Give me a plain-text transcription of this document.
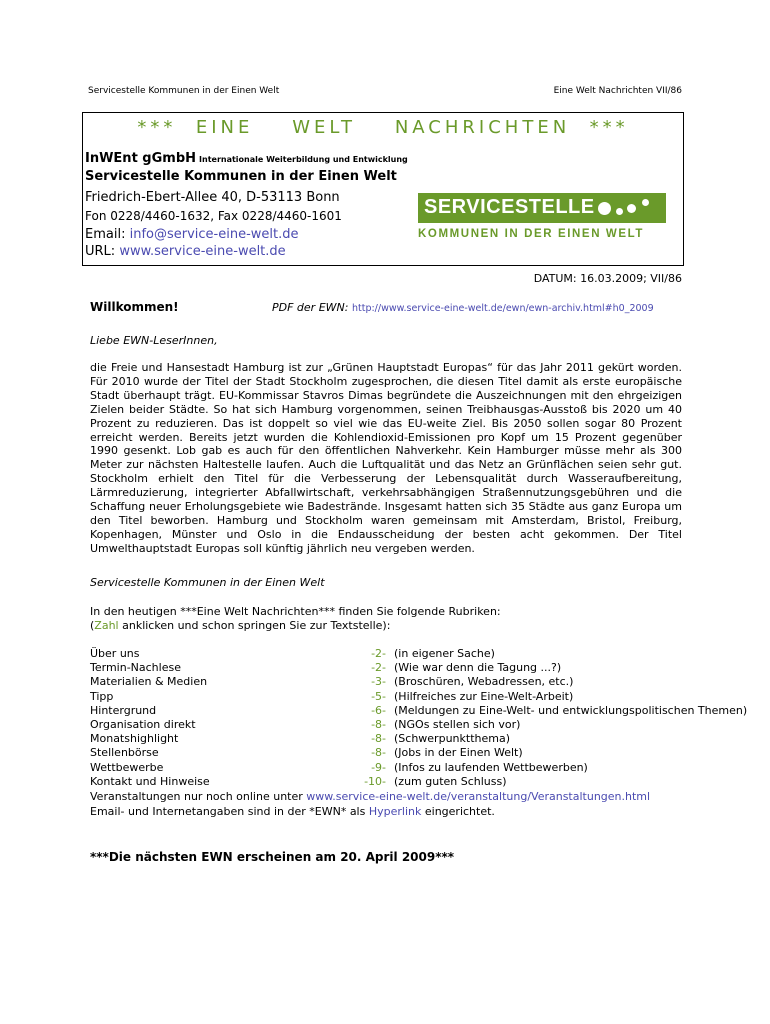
Servicestelle Kommunen in der Einen Welt	Eine Welt Nachrichten VII/86
***  EINE    WELT    NACHRICHTEN  ***
InWEnt gGmbH Internationale Weiterbildung und Entwicklung
Servicestelle Kommunen in der Einen Welt
Friedrich-Ebert-Allee 40, D-53113 Bonn
Fon 0228/4460-1632, Fax 0228/4460-1601
Email: info@service-eine-welt.de
URL: www.service-eine-welt.de
SERVICESTELLE
KOMMUNEN IN DER EINEN WELT
DATUM: 16.03.2009; VII/86
Willkommen!	PDF der EWN: http://www.service-eine-welt.de/ewn/ewn-archiv.html#h0_2009
Liebe EWN-LeserInnen,
die Freie und Hansestadt Hamburg ist zur „Grünen Hauptstadt Europas“ für das Jahr 2011 gekürt worden. Für 2010 wurde der Titel der Stadt Stockholm zugesprochen, die diesen Titel damit als erste europäische Stadt überhaupt trägt. EU-Kommissar Stavros Dimas begründete die Auszeichnungen mit den ehrgeizigen Zielen beider Städte. So hat sich Hamburg vorgenommen, seinen Treibhausgas-Ausstoß bis 2020 um 40 Prozent zu reduzieren. Das ist doppelt so viel wie das EU-weite Ziel. Bis 2050 sollen sogar 80 Prozent erreicht werden. Bereits jetzt wurden die Kohlendioxid-Emissionen pro Kopf um 15 Prozent gegenüber 1990 gesenkt. Lob gab es auch für den öffentlichen Nahverkehr. Kein Hamburger müsse mehr als 300 Meter zur nächsten Haltestelle laufen. Auch die Luftqualität und das Netz an Grünflächen seien sehr gut. Stockholm erhielt den Titel für die Verbesserung der Lebensqualität durch Wasseraufbereitung, Lärmreduzierung, integrierter Abfallwirtschaft, verkehrsabhängigen Straßennutzungsgebühren und die Schaffung neuer Erholungsgebiete wie Badestrände. Insgesamt hatten sich 35 Städte aus ganz Europa um den Titel beworben. Hamburg und Stockholm waren gemeinsam mit Amsterdam, Bristol, Freiburg, Kopenhagen, Münster und Oslo in die Endausscheidung der besten acht gekommen. Der Titel Umwelthauptstadt Europas soll künftig jährlich neu vergeben werden.
Servicestelle Kommunen in der Einen Welt
In den heutigen ***Eine Welt Nachrichten*** finden Sie folgende Rubriken:
(Zahl anklicken und schon springen Sie zur Textstelle):
Über uns	-2- (in eigener Sache)
Termin-Nachlese	-2- (Wie war denn die Tagung ...?)
Materialien & Medien	-3- (Broschüren, Webadressen, etc.)
Tipp	-5- (Hilfreiches zur Eine-Welt-Arbeit)
Hintergrund	-6- (Meldungen zu Eine-Welt- und entwicklungspolitischen Themen)
Organisation direkt	-8- (NGOs stellen sich vor)
Monatshighlight	-8- (Schwerpunktthema)
Stellenbörse	-8- (Jobs in der Einen Welt)
Wettbewerbe	-9- (Infos zu laufenden Wettbewerben)
Kontakt und Hinweise	-10- (zum guten Schluss)
Veranstaltungen nur noch online unter www.service-eine-welt.de/veranstaltung/Veranstaltungen.html
Email- und Internetangaben sind in der *EWN* als Hyperlink eingerichtet.
***Die nächsten EWN erscheinen am 20. April 2009***
